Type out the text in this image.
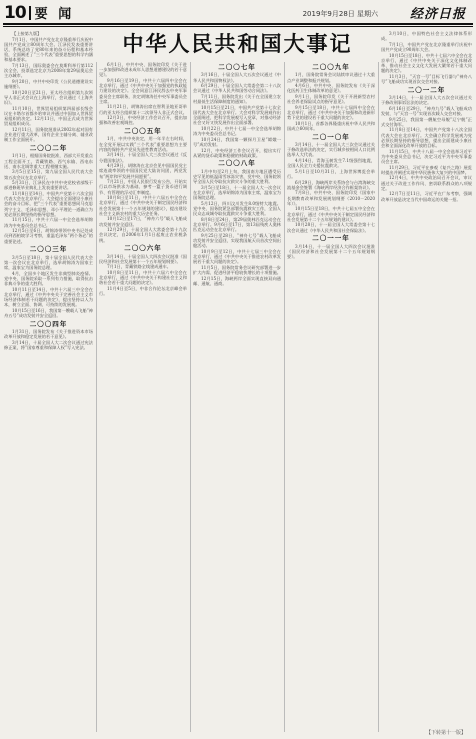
10 要 闻	2019年9月28日 星期六 经济日报
中华人民共和国大事记

【上接第九版】

7月1日，中国共产党在北京隆重举行庆祝中国共产党成立80周年大会。江泽民发表重要讲话，系统总结了党80年来的奋斗历程和基本经验，全面阐述了“三个代表”重要思想的科学内涵和基本要求。

7月13日，国际奥委会在莫斯科举行第112次全会，投票选定北京为2008年第29届奥运会主办城市。

9月20日，中共中央印发《公民道德建设实施纲要》。

10月20日至21日，亚太经合组织第九次领导人非正式会议在上海举行，会议通过《上海共识》。

11月10日，世界贸易组织第四届部长级会议在卡塔尔首都多哈审议并通过中国加入世界贸易组织的决定。12月11日，中国正式成为世界贸易组织成员。

12月11日，国务院批准从2002年起对国有企业进行重大改革，国有企业主辅分离、辅业改制工作全面展开。

二〇〇二年

1月1日，根据国务院批准，西部大开发重点工程全面开工，青藏铁路、西气东输、西电东送、南水北调等重大工程相继实施。

3月5日至15日，第九届全国人民代表大会第五次会议在北京举行。

5月31日，江泽民在中共中央党校省部级干部进修班毕业典礼上发表重要讲话。

11月8日至14日，中国共产党第十六次全国代表大会在北京举行。大会提出全面建设小康社会的奋斗目标，把“三个代表”重要思想同马克思列宁主义、毛泽东思想、邓小平理论一道确立为党必须长期坚持的指导思想。

11月15日，中共十六届一中全会选举胡锦涛为中央委员会总书记。

12月5日至6日，胡锦涛带领中央书记处成员到西柏坡学习考察，重温毛泽东“两个务必”的重要论述。

二〇〇三年

3月5日至18日，第十届全国人民代表大会第一次会议在北京举行，选举胡锦涛为国家主席，温家宝为国务院总理。

4月，全国多个地区发生非典型肺炎疫情。党中央、国务院采取一系列有力措施，取得抗击非典斗争的重大胜利。

10月11日至14日，中共十六届三中全会在北京举行，通过《中共中央关于完善社会主义市场经济体制若干问题的决定》，提出坚持以人为本，树立全面、协调、可持续的发展观。

10月15日至16日，我国第一艘载人飞船“神舟五号”成功发射并安全返回。

二〇〇四年

1月31日，国务院发布《关于推进资本市场改革开放和稳定发展的若干意见》。

3月14日，十届全国人大二次会议通过宪法修正案，将“国家尊重和保障人权”写入宪法。

6月1日，中共中央、国务院印发《关于进一步加强和改进未成年人思想道德建设的若干意见》。

9月16日至19日，中共十六届四中全会在北京举行，通过《中共中央关于加强党的执政能力建设的决定》。全会同意江泽民辞去中央军事委员会主席职务，决定胡锦涛任中央军事委员会主席。

11月21日，胡锦涛出席在智利圣地亚哥举行的亚太经合组织第十二次领导人非正式会议。

12月3日，中央经济工作会议召开，提出加强和改善宏观调控。

二〇〇五年

1月，中共中央决定，用一年半左右时间，在全党开展以实践“三个代表”重要思想为主要内容的保持共产党员先进性教育活动。

3月14日，十届全国人大三次会议通过《反分裂国家法》。

4月29日，胡锦涛在北京会见中国国民党主席连战率领的中国国民党大陆访问团，两党发布“两岸和平发展共同愿景”。

7月21日，中国人民银行发布公告，开始实行以市场供求为基础、参考一篮子货币进行调节、有管理的浮动汇率制度。

10月8日至11日，中共十六届五中全会在北京举行，通过《中共中央关于制定国民经济和社会发展第十一个五年规划的建议》，提出建设社会主义新农村的重大历史任务。

10月12日至17日，“神舟六号”载人飞船成功发射并安全返回。

12月29日，十届全国人大常委会第十九次会议决定，自2006年1月1日起废止农业税条例。

二〇〇六年

3月14日，十届全国人大四次会议批准《国民经济和社会发展第十一个五年规划纲要》。

7月1日，青藏铁路全线建成通车。

10月8日至11日，中共十六届六中全会在北京举行，通过《中共中央关于构建社会主义和谐社会若干重大问题的决定》。

11月4日至5日，中非合作论坛北京峰会举行。

二〇〇七年

3月16日，十届全国人大五次会议通过《中华人民共和国物权法》。

6月29日，十届全国人大常委会第二十八次会议通过《中华人民共和国劳动合同法》。

7月11日，国务院发出《关于在全国建立农村最低生活保障制度的通知》。

10月15日至21日，中国共产党第十七次全国代表大会在北京举行。大会对科学发展观作出全面阐述，把科学发展观写入党章，对推动经济社会又好又快发展作出全面部署。

10月22日，中共十七届一中全会选举胡锦涛为中央委员会总书记。

10月24日，我国第一颗探月卫星“嫦娥一号”成功发射。

12月，中央经济工作会议召开，提出实行从紧的货币政策和稳健的财政政策。

二〇〇八年

1月中旬至2月上旬，我国南方地区遭受历史罕见的低温雨雪冰冻灾害，党中央、国务院领导全国人民夺取抗灾救灾斗争的重大胜利。

3月5日至18日，十一届全国人大一次会议在北京举行，选举胡锦涛为国家主席，温家宝为国务院总理。

5月12日，四川汶川发生8.0级特大地震。党中央、国务院紧急部署抗震救灾工作，全国人民众志成城夺取抗震救灾斗争重大胜利。

8月8日至24日，第29届奥林匹克运动会在北京举行。9月6日至17日，第13届残疾人奥林匹克运动会在北京举行。

9月25日至28日，“神舟七号”载人飞船成功发射并安全返回，实现我国航天员首次空间出舱活动。

10月9日至12日，中共十七届三中全会在北京举行，通过《中共中央关于推进农村改革发展若干重大问题的决定》。

11月5日，国务院常务会议研究部署进一步扩大内需、促进经济平稳较快增长的十项措施。

12月15日，海峡两岸全面实现直接双向通邮、通航、通商。

二〇〇九年

1月，国务院常务会议陆续审议通过十大重点产业调整和振兴规划。

4月6日，中共中央、国务院发布《关于深化医药卫生体制改革的意见》。

9月1日，国务院印发《关于开展新型农村社会养老保险试点的指导意见》。

9月15日至18日，中共十七届四中全会在北京举行，通过《中共中央关于加强和改进新形势下党的建设若干重大问题的决定》。

10月1日，首都各界隆重庆祝中华人民共和国成立60周年。

二〇一〇年

3月14日，十一届全国人大三次会议通过关于修改选举法的决定，实行城乡按相同人口比例选举人大代表。

4月14日，青海玉树发生7.1级强烈地震，全国人民全力支援抗震救灾。

5月1日至10月31日，上海世界博览会举行。

6月29日，海峡两岸关系协会与台湾海峡交流基金会签署《海峡两岸经济合作框架协议》。

7月8日，中共中央、国务院印发《国家中长期教育改革和发展规划纲要（2010－2020年）》。

10月15日至18日，中共十七届五中全会在北京举行，通过《中共中央关于制定国民经济和社会发展第十二个五年规划的建议》。

10月28日，十一届全国人大常委会第十七次会议通过《中华人民共和国社会保险法》。

二〇一一年

3月14日，十一届全国人大四次会议批准《国民经济和社会发展第十二个五年规划纲要》。

3月10日，中国特色社会主义法律体系形成。

7月1日，中国共产党在北京隆重举行庆祝中国共产党成立90周年大会。

10月15日至18日，中共十七届六中全会在北京举行，通过《中共中央关于深化文化体制改革、推动社会主义文化大发展大繁荣若干重大问题的决定》。

11月3日，“天宫一号”目标飞行器与“神舟八号”飞船成功实现首次交会对接。

二〇一二年

3月14日，十一届全国人大五次会议通过关于修改刑事诉讼法的决定。

6月16日至29日，“神舟九号”载人飞船成功发射，与“天宫一号”实现首次载人交会对接。

9月25日，我国第一艘航空母舰“辽宁舰”正式交付海军。

11月8日至14日，中国共产党第十八次全国代表大会在北京举行。大会确立科学发展观为党必须长期坚持的指导思想，提出全面建成小康社会和全面深化改革开放的目标。

11月15日，中共十八届一中全会选举习近平为中央委员会总书记，决定习近平为中央军事委员会主席。

11月29日，习近平在参观《复兴之路》展览时提出并阐述实现中华民族伟大复兴的中国梦。

12月4日，中共中央政治局召开会议，审议通过关于改进工作作风、密切联系群众的八项规定。

12月7日至11日，习近平在广东考察，强调改革开放是决定当代中国命运的关键一招。

【下转第十一版】
